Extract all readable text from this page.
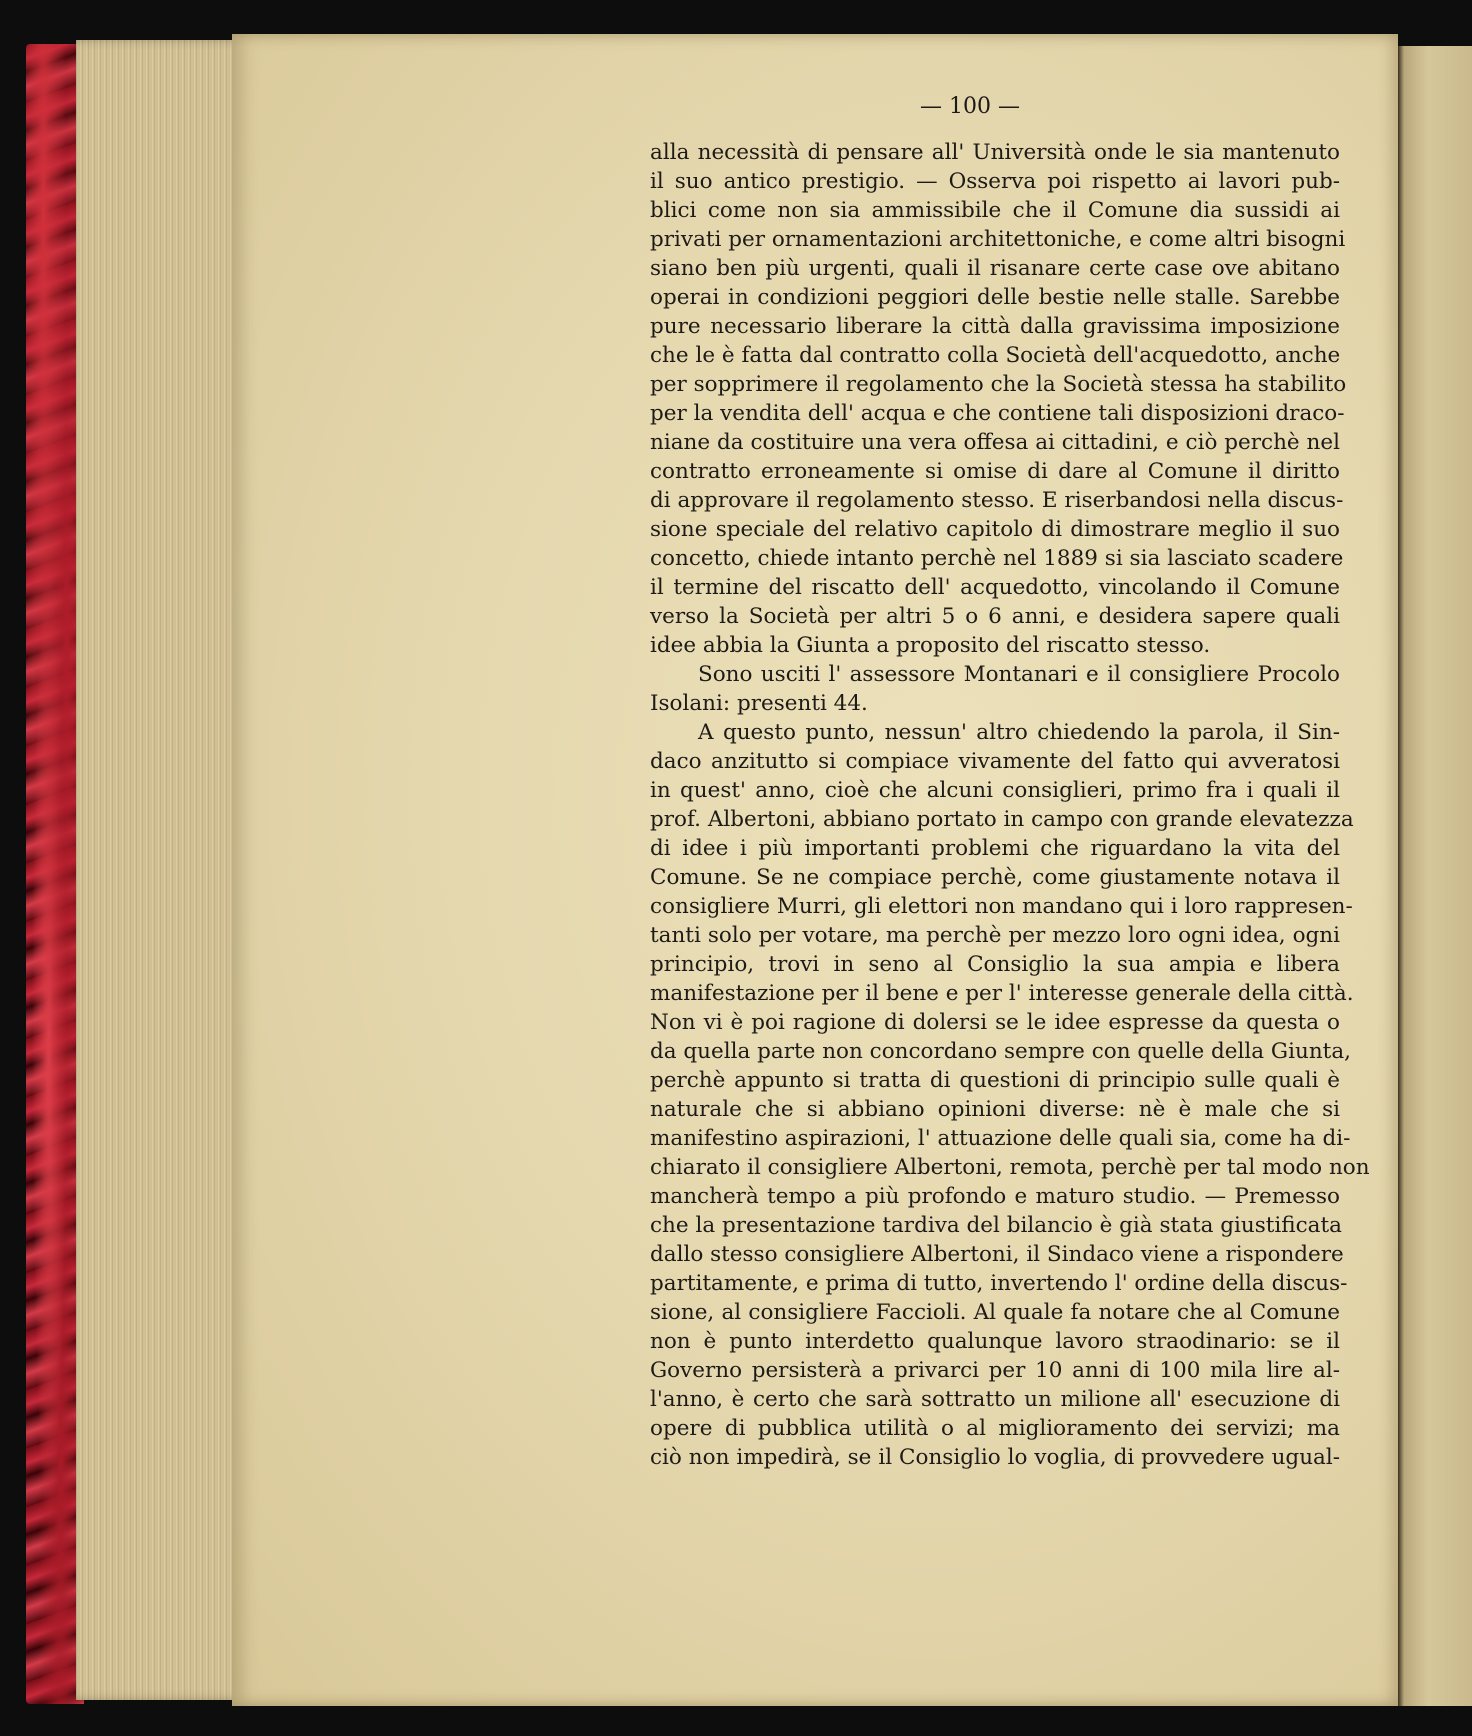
— 100 —
alla necessità di pensare all' Università onde le sia mantenuto
il suo antico prestigio. — Osserva poi rispetto ai lavori pub-
blici come non sia ammissibile che il Comune dia sussidi ai
privati per ornamentazioni architettoniche, e come altri bisogni
siano ben più urgenti, quali il risanare certe case ove abitano
operai in condizioni peggiori delle bestie nelle stalle. Sarebbe
pure necessario liberare la città dalla gravissima imposizione
che le è fatta dal contratto colla Società dell'acquedotto, anche
per sopprimere il regolamento che la Società stessa ha stabilito
per la vendita dell' acqua e che contiene tali disposizioni draco-
niane da costituire una vera offesa ai cittadini, e ciò perchè nel
contratto erroneamente si omise di dare al Comune il diritto
di approvare il regolamento stesso. E riserbandosi nella discus-
sione speciale del relativo capitolo di dimostrare meglio il suo
concetto, chiede intanto perchè nel 1889 si sia lasciato scadere
il termine del riscatto dell' acquedotto, vincolando il Comune
verso la Società per altri 5 o 6 anni, e desidera sapere quali
idee abbia la Giunta a proposito del riscatto stesso.
Sono usciti l' assessore Montanari e il consigliere Procolo
Isolani: presenti 44.
A questo punto, nessun' altro chiedendo la parola, il Sin-
daco anzitutto si compiace vivamente del fatto qui avveratosi
in quest' anno, cioè che alcuni consiglieri, primo fra i quali il
prof. Albertoni, abbiano portato in campo con grande elevatezza
di idee i più importanti problemi che riguardano la vita del
Comune. Se ne compiace perchè, come giustamente notava il
consigliere Murri, gli elettori non mandano qui i loro rappresen-
tanti solo per votare, ma perchè per mezzo loro ogni idea, ogni
principio, trovi in seno al Consiglio la sua ampia e libera
manifestazione per il bene e per l' interesse generale della città.
Non vi è poi ragione di dolersi se le idee espresse da questa o
da quella parte non concordano sempre con quelle della Giunta,
perchè appunto si tratta di questioni di principio sulle quali è
naturale che si abbiano opinioni diverse: nè è male che si
manifestino aspirazioni, l' attuazione delle quali sia, come ha di-
chiarato il consigliere Albertoni, remota, perchè per tal modo non
mancherà tempo a più profondo e maturo studio. — Premesso
che la presentazione tardiva del bilancio è già stata giustificata
dallo stesso consigliere Albertoni, il Sindaco viene a rispondere
partitamente, e prima di tutto, invertendo l' ordine della discus-
sione, al consigliere Faccioli. Al quale fa notare che al Comune
non è punto interdetto qualunque lavoro straodinario: se il
Governo persisterà a privarci per 10 anni di 100 mila lire al-
l'anno, è certo che sarà sottratto un milione all' esecuzione di
opere di pubblica utilità o al miglioramento dei servizi; ma
ciò non impedirà, se il Consiglio lo voglia, di provvedere ugual-
